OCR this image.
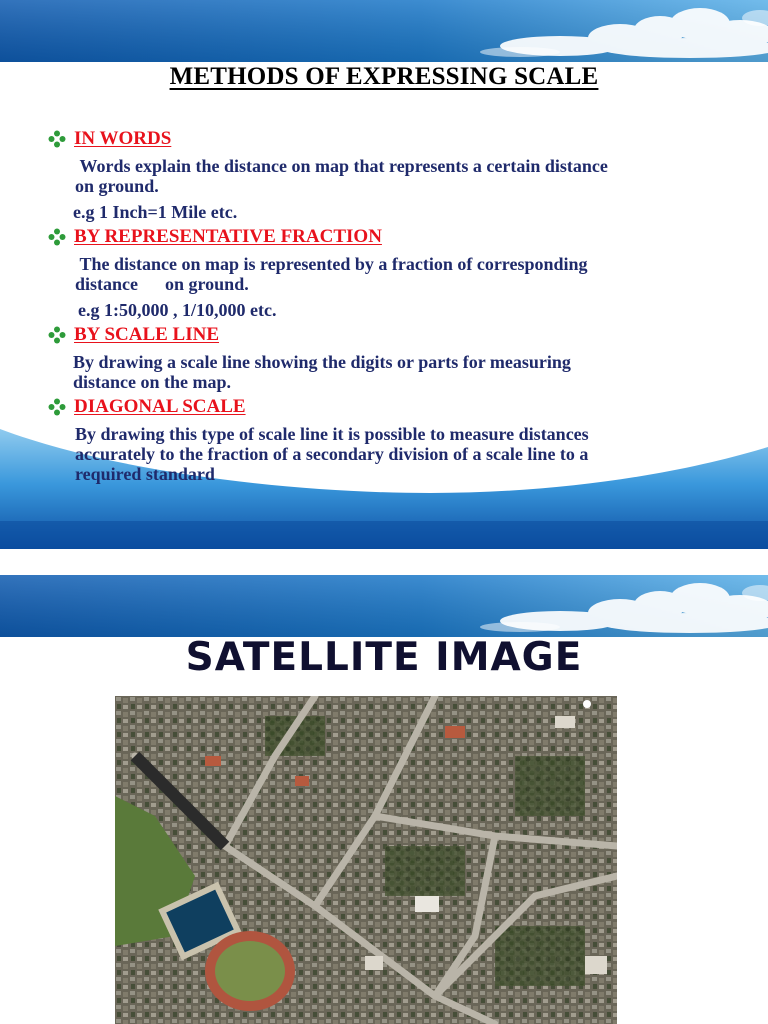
METHODS OF EXPRESSING SCALE
IN WORDS
Words explain the distance on map that represents a certain distance
on ground.
e.g 1 Inch=1 Mile etc.
BY REPRESENTATIVE FRACTION
The distance on map is represented by a fraction of corresponding
distance      on ground.
e.g 1:50,000 , 1/10,000 etc.
BY SCALE LINE
By drawing a scale line showing the digits or parts for measuring
distance on the map.
DIAGONAL SCALE
By drawing this type of scale line it is possible to measure distances
accurately to the fraction of a secondary division of a scale line to a
required standard
SATELLITE IMAGE
